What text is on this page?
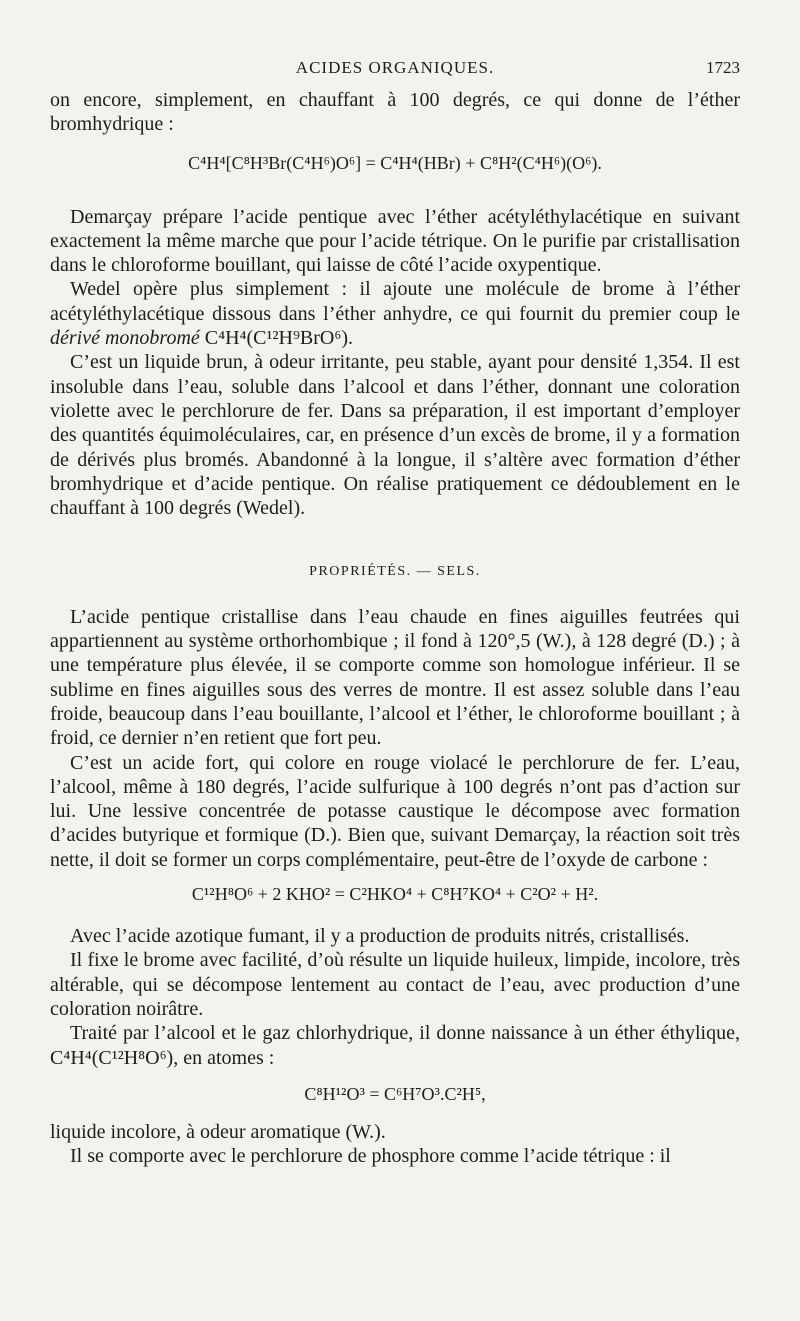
ACIDES ORGANIQUES.	1723

on encore, simplement, en chauffant à 100 degrés, ce qui donne de l’éther bromhydrique :

C⁴H⁴[C⁸H³Br(C⁴H⁶)O⁶] = C⁴H⁴(HBr) + C⁸H²(C⁴H⁶)(O⁶).

Demarçay prépare l’acide pentique avec l’éther acétyléthylacétique en suivant exactement la même marche que pour l’acide tétrique. On le purifie par cristallisation dans le chloroforme bouillant, qui laisse de côté l’acide oxypentique.

Wedel opère plus simplement : il ajoute une molécule de brome à l’éther acétyléthylacétique dissous dans l’éther anhydre, ce qui fournit du premier coup le dérivé monobromé C⁴H⁴(C¹²H⁹BrO⁶).

C’est un liquide brun, à odeur irritante, peu stable, ayant pour densité 1,354. Il est insoluble dans l’eau, soluble dans l’alcool et dans l’éther, donnant une coloration violette avec le perchlorure de fer. Dans sa préparation, il est important d’employer des quantités équimoléculaires, car, en présence d’un excès de brome, il y a formation de dérivés plus bromés. Abandonné à la longue, il s’altère avec formation d’éther bromhydrique et d’acide pentique. On réalise pratiquement ce dédoublement en le chauffant à 100 degrés (Wedel).

PROPRIÉTÉS. — SELS.

L’acide pentique cristallise dans l’eau chaude en fines aiguilles feutrées qui appartiennent au système orthorhombique ; il fond à 120°,5 (W.), à 128 degré (D.) ; à une température plus élevée, il se comporte comme son homologue inférieur. Il se sublime en fines aiguilles sous des verres de montre. Il est assez soluble dans l’eau froide, beaucoup dans l’eau bouillante, l’alcool et l’éther, le chloroforme bouillant ; à froid, ce dernier n’en retient que fort peu.

C’est un acide fort, qui colore en rouge violacé le perchlorure de fer. L’eau, l’alcool, même à 180 degrés, l’acide sulfurique à 100 degrés n’ont pas d’action sur lui. Une lessive concentrée de potasse caustique le décompose avec formation d’acides butyrique et formique (D.). Bien que, suivant Demarçay, la réaction soit très nette, il doit se former un corps complémentaire, peut-être de l’oxyde de carbone :

C¹²H⁸O⁶ + 2 KHO² = C²HKO⁴ + C⁸H⁷KO⁴ + C²O² + H².

Avec l’acide azotique fumant, il y a production de produits nitrés, cristallisés.

Il fixe le brome avec facilité, d’où résulte un liquide huileux, limpide, incolore, très altérable, qui se décompose lentement au contact de l’eau, avec production d’une coloration noirâtre.

Traité par l’alcool et le gaz chlorhydrique, il donne naissance à un éther éthylique, C⁴H⁴(C¹²H⁸O⁶), en atomes :

C⁸H¹²O³ = C⁶H⁷O³.C²H⁵,

liquide incolore, à odeur aromatique (W.).

Il se comporte avec le perchlorure de phosphore comme l’acide tétrique : il
